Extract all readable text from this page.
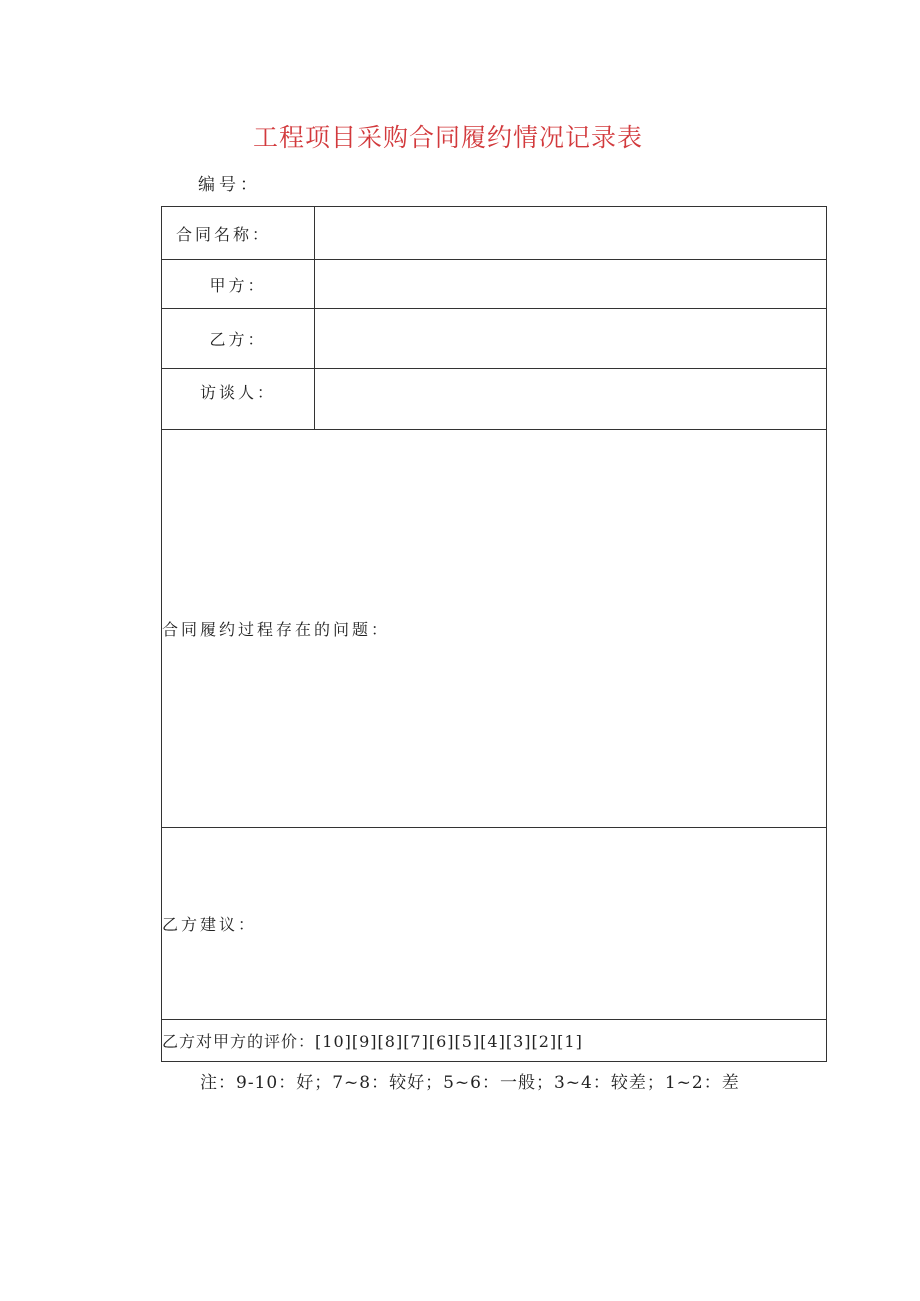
工程项目采购合同履约情况记录表
编号：
合同名称：	
甲方：	
乙方：	
访谈人：	
合同履约过程存在的问题：	
乙方建议：	
乙方对甲方的评价：[10][9][8][7][6][5][4][3][2][1]	
注：9-10：好；7~8：较好；5~6：一般；3~4：较差；1~2：差
